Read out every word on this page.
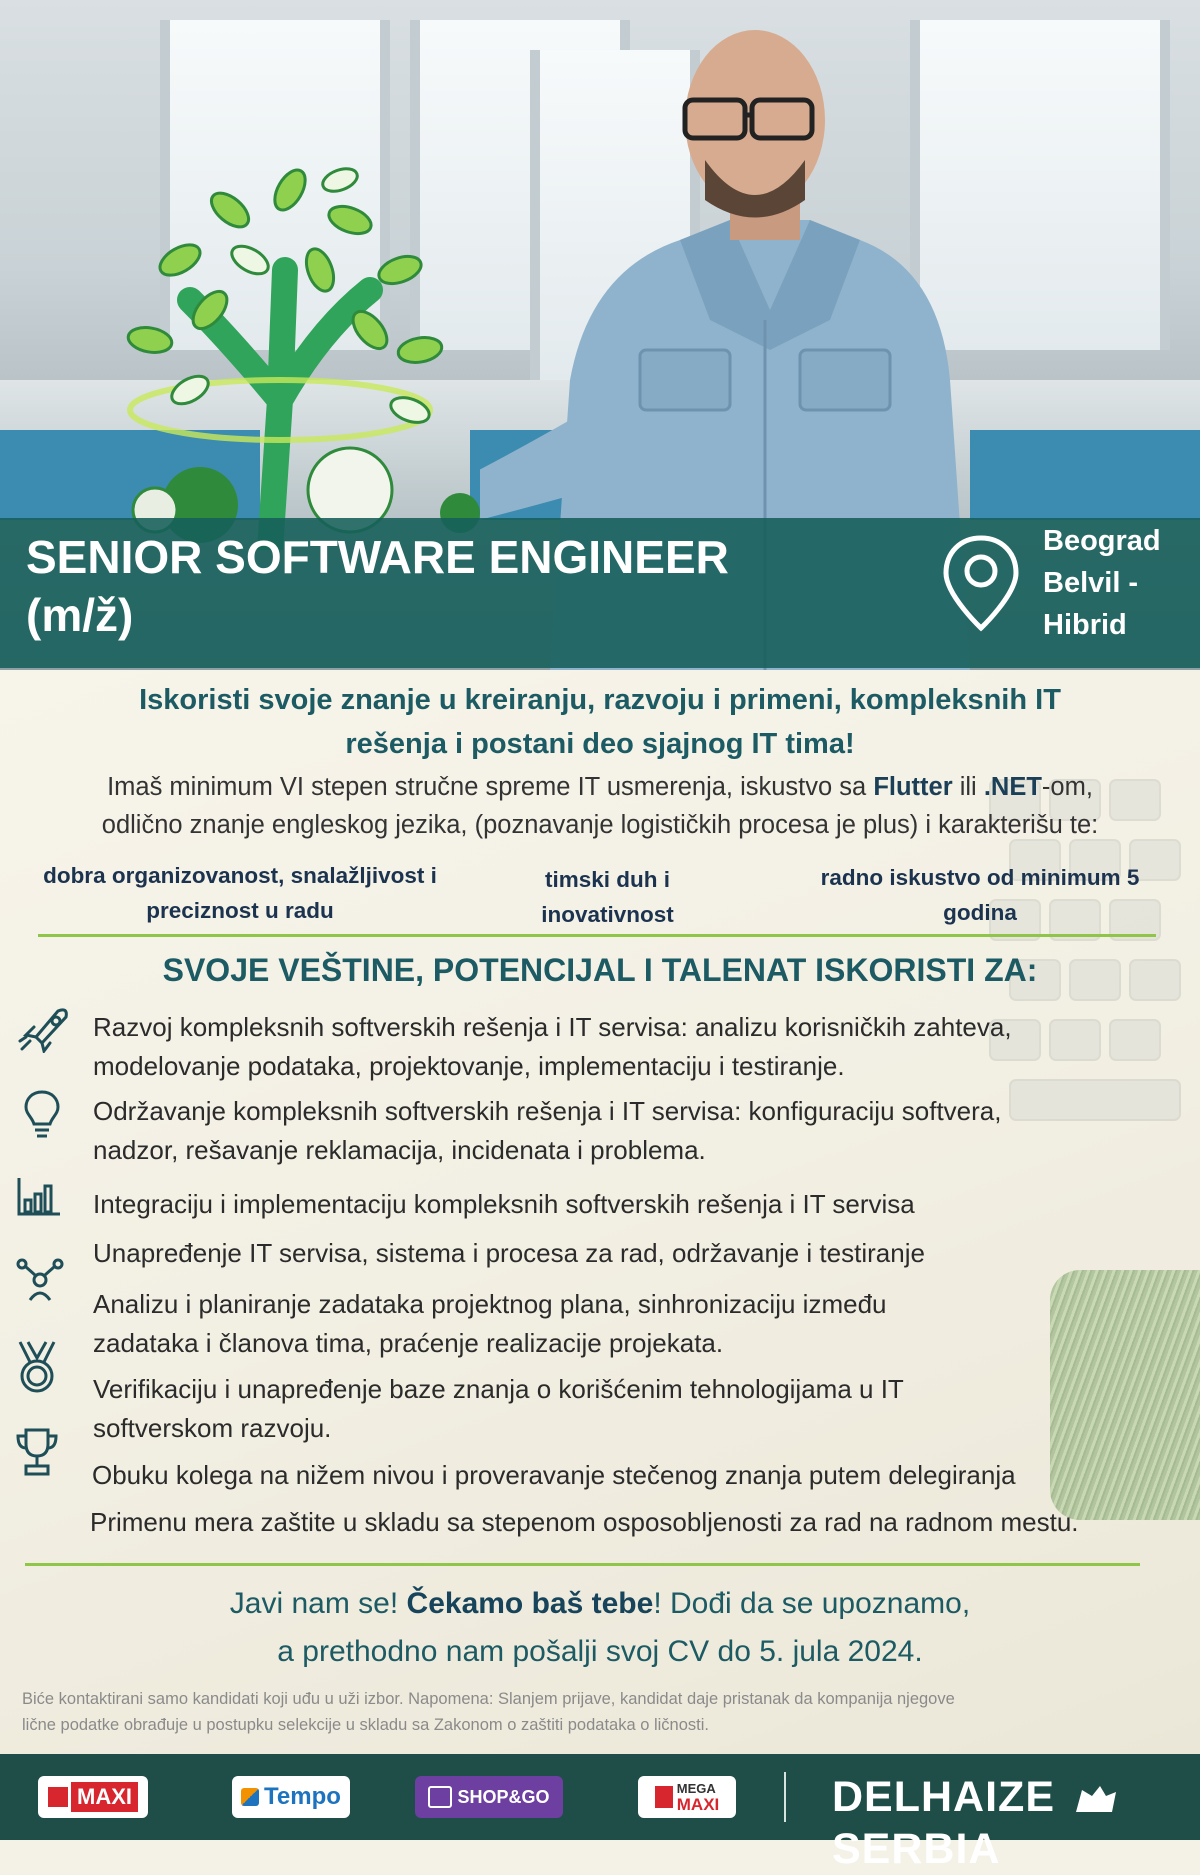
SENIOR SOFTWARE ENGINEER
(m/ž)
Beograd
Belvil -
Hibrid
Iskoristi svoje znanje u kreiranju, razvoju i primeni, kompleksnih IT
rešenja i postani deo sjajnog IT tima!
Imaš minimum VI stepen stručne spreme IT usmerenja, iskustvo sa Flutter ili .NET-om,
odlično znanje engleskog jezika, (poznavanje logističkih procesa je plus) i karakterišu te:
dobra organizovanost, snalažljivost i
preciznost u radu
timski duh i
inovativnost
radno iskustvo od minimum 5
godina
SVOJE VEŠTINE, POTENCIJAL I TALENAT ISKORISTI ZA:
Razvoj kompleksnih softverskih rešenja i IT servisa: analizu korisničkih zahteva,
modelovanje podataka, projektovanje, implementaciju i testiranje.
Održavanje kompleksnih softverskih rešenja i IT servisa: konfiguraciju softvera,
nadzor, rešavanje reklamacija, incidenata i problema.
Integraciju i implementaciju kompleksnih softverskih rešenja i IT servisa
Unapređenje IT servisa, sistema i procesa za rad, održavanje i testiranje
Analizu i planiranje zadataka projektnog plana, sinhronizaciju između
zadataka i članova tima, praćenje realizacije projekata.
Verifikaciju i unapređenje baze znanja o korišćenim tehnologijama u IT
softverskom razvoju.
Obuku kolega na nižem nivou i proveravanje stečenog znanja putem delegiranja
Primenu mera zaštite u skladu sa stepenom osposobljenosti za rad na radnom mestu.
Javi nam se! Čekamo baš tebe! Dođi da se upoznamo,
a prethodno nam pošalji svoj CV do 5. jula 2024.
Biće kontaktirani samo kandidati koji uđu u uži izbor. Napomena: Slanjem prijave, kandidat daje pristanak da kompanija njegove
lične podatke obrađuje u postupku selekcije u skladu sa Zakonom o zaštiti podataka o ličnosti.
MAXI	Tempo	SHOP&GO	MEGA
MAXI	DELHAIZE  SERBIA
